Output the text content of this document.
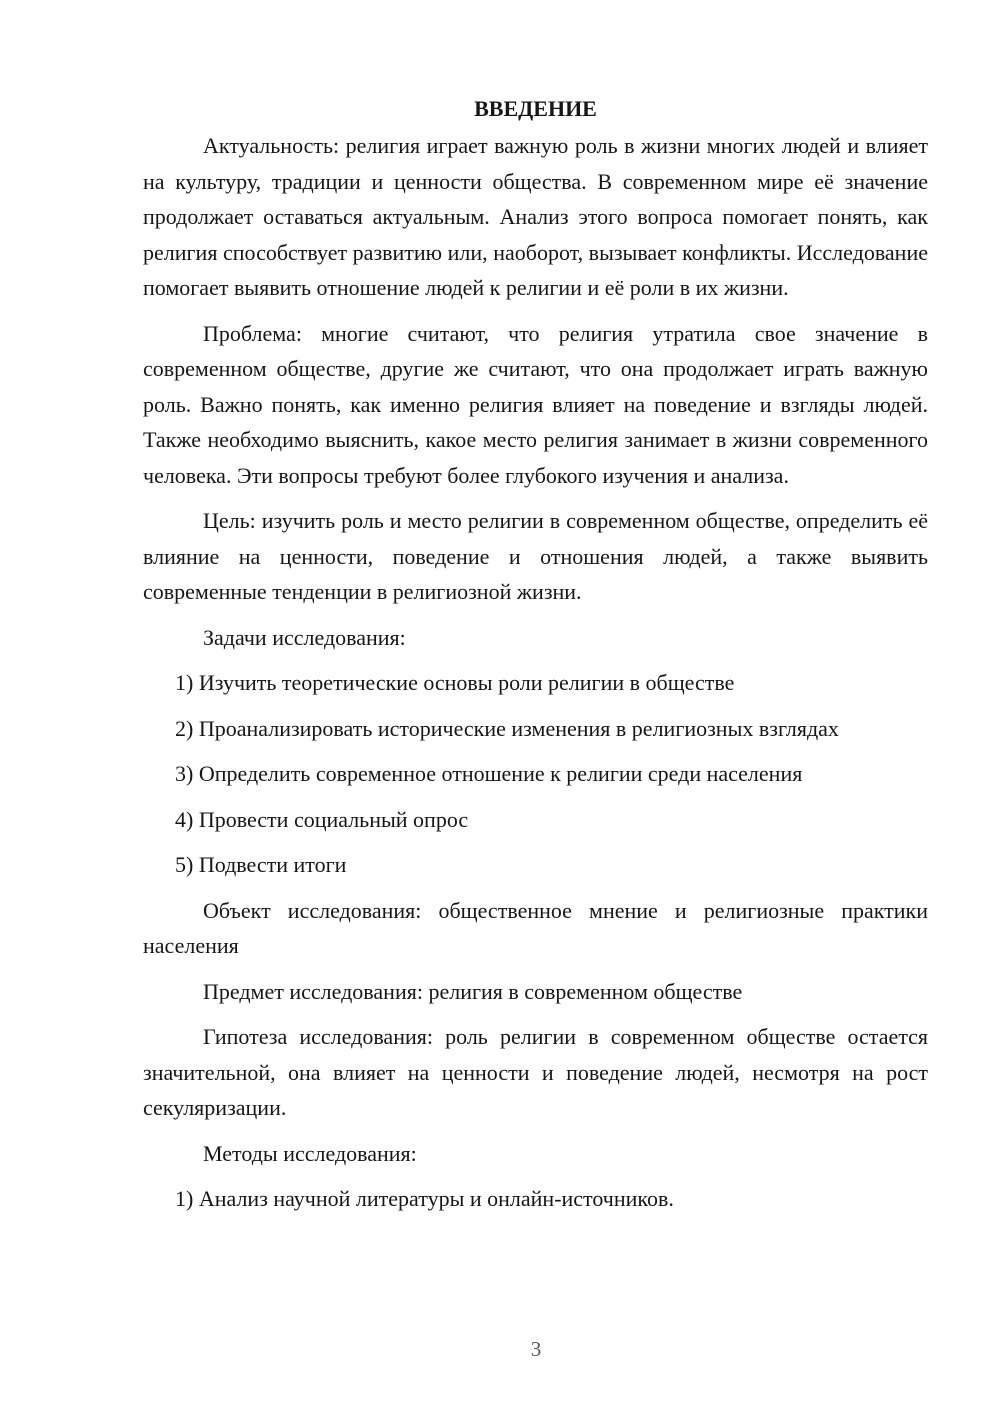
ВВЕДЕНИЕ

Актуальность: религия играет важную роль в жизни многих людей и влияет на культуру, традиции и ценности общества. В современном мире её значение продолжает оставаться актуальным. Анализ этого вопроса помогает понять, как религия способствует развитию или, наоборот, вызывает конфликты. Исследование помогает выявить отношение людей к религии и её роли в их жизни.

Проблема: многие считают, что религия утратила свое значение в современном обществе, другие же считают, что она продолжает играть важную роль. Важно понять, как именно религия влияет на поведение и взгляды людей. Также необходимо выяснить, какое место религия занимает в жизни современного человека. Эти вопросы требуют более глубокого изучения и анализа.

Цель: изучить роль и место религии в современном обществе, определить её влияние на ценности, поведение и отношения людей, а также выявить современные тенденции в религиозной жизни.

Задачи исследования:

1) Изучить теоретические основы роли религии в обществе
2) Проанализировать исторические изменения в религиозных взглядах
3) Определить современное отношение к религии среди населения
4) Провести социальный опрос
5) Подвести итоги

Объект исследования: общественное мнение и религиозные практики населения

Предмет исследования: религия в современном обществе

Гипотеза исследования: роль религии в современном обществе остается значительной, она влияет на ценности и поведение людей, несмотря на рост секуляризации.

Методы исследования:

1) Анализ научной литературы и онлайн-источников.
3
